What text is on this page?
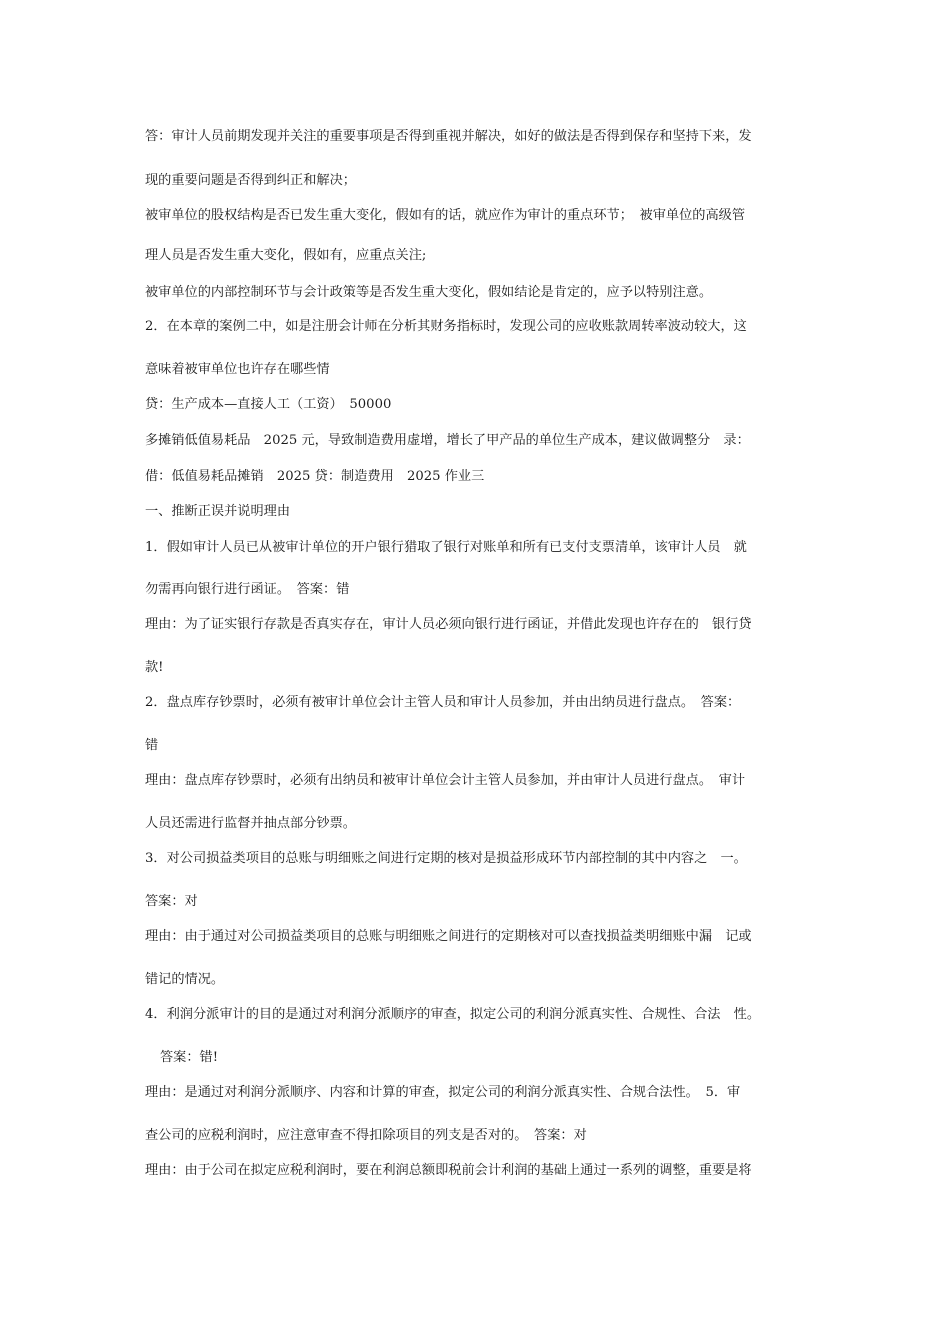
答：审计人员前期发现并关注的重要事项是否得到重视并解决，如好的做法是否得到保存和坚持下来，发
现的重要问题是否得到纠正和解决；
被审单位的股权结构是否已发生重大变化，假如有的话，就应作为审计的重点环节；　被审单位的高级管
理人员是否发生重大变化，假如有，应重点关注;
被审单位的内部控制环节与会计政策等是否发生重大变化，假如结论是肯定的，应予以特别注意。
2．在本章的案例二中，如是注册会计师在分析其财务指标时，发现公司的应收账款周转率波动较大，这
意味着被审单位也许存在哪些情
贷：生产成本—直接人工（工资）　50000
多摊销低值易耗品　2025 元，导致制造费用虚增，增长了甲产品的单位生产成本，建议做调整分　录：
借：低值易耗品摊销　2025 贷：制造费用　2025 作业三
一、推断正误并说明理由
1．假如审计人员已从被审计单位的开户银行猎取了银行对账单和所有已支付支票清单，该审计人员　就
勿需再向银行进行函证。　答案：错
理由：为了证实银行存款是否真实存在，审计人员必须向银行进行函证，并借此发现也许存在的　银行贷
款!
2．盘点库存钞票时，必须有被审计单位会计主管人员和审计人员参加，并由出纳员进行盘点。　答案：
错
理由：盘点库存钞票时，必须有出纳员和被审计单位会计主管人员参加，并由审计人员进行盘点。　审计
人员还需进行监督并抽点部分钞票。
3．对公司损益类项目的总账与明细账之间进行定期的核对是损益形成环节内部控制的其中内容之　一。
答案：对
理由：由于通过对公司损益类项目的总账与明细账之间进行的定期核对可以查找损益类明细账中漏　记或
错记的情况。
4．利润分派审计的目的是通过对利润分派顺序的审查，拟定公司的利润分派真实性、合规性、合法　性。
答案：错!
理由：是通过对利润分派顺序、内容和计算的审查，拟定公司的利润分派真实性、合规合法性。　5．审
查公司的应税利润时，应注意审查不得扣除项目的列支是否对的。　答案：对
理由：由于公司在拟定应税利润时，要在利润总额即税前会计利润的基础上通过一系列的调整，重要是将
